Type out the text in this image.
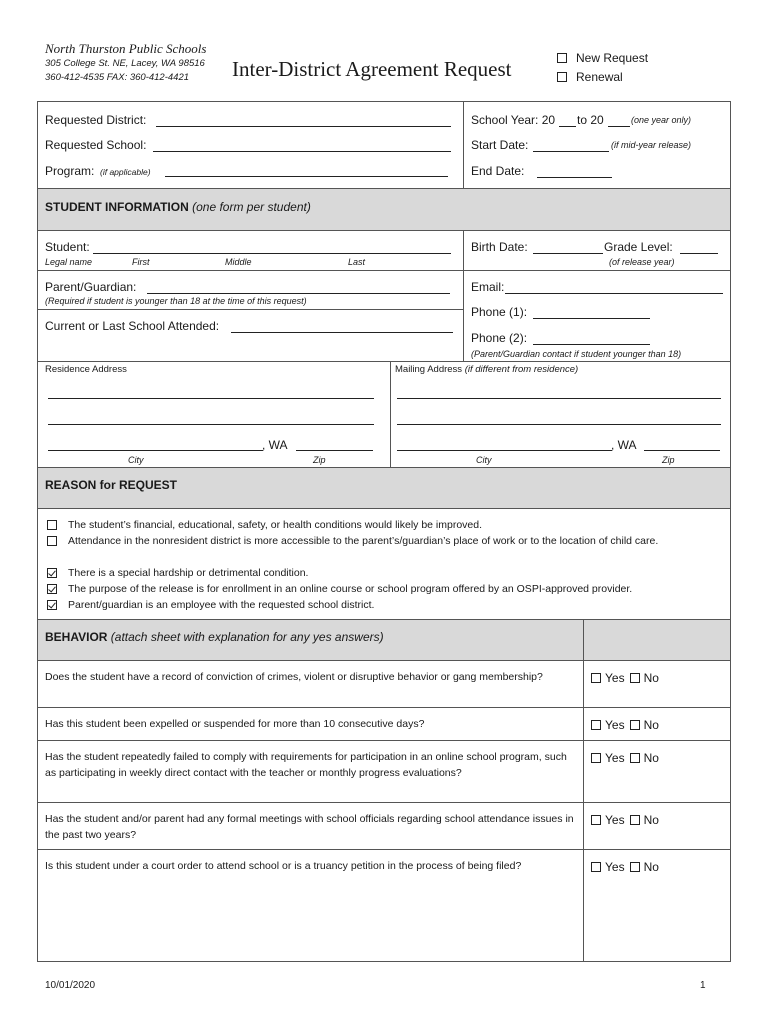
North Thurston Public Schools
305 College St. NE, Lacey, WA 98516
360-412-4535 FAX: 360-412-4421 Inter-District Agreement Request	New Request
Renewal
Requested District:
Requested School:
Program: (if applicable)
School Year: 20 to 20	(one year only)
Start Date:	(if mid-year release)
End Date:
STUDENT INFORMATION (one form per student)
Student:
Legal name	First	Middle	Last
Birth Date:	Grade Level:
(of release year)
Parent/Guardian:
(Required if student is younger than 18 at the time of this request)
Current or Last School Attended:
Email:
Phone (1):
Phone (2):
(Parent/Guardian contact if student younger than 18)
Residence Address
, WA
City	Zip
Mailing Address (if different from residence)
, WA
City	Zip
REASON for REQUEST
The student’s financial, educational, safety, or health conditions would likely be improved.
Attendance in the nonresident district is more accessible to the parent’s/guardian’s place of work or to the location of child care.
There is a special hardship or detrimental condition.
The purpose of the release is for enrollment in an online course or school program offered by an OSPI-approved provider.
Parent/guardian is an employee with the requested school district.
BEHAVIOR (attach sheet with explanation for any yes answers)
Does the student have a record of conviction of crimes, violent or disruptive behavior or gang membership?	Yes No
Has this student been expelled or suspended for more than 10 consecutive days?	Yes No
Has the student repeatedly failed to comply with requirements for participation in an online school program, such as participating in weekly direct contact with the teacher or monthly progress evaluations?
Yes No
Has the student and/or parent had any formal meetings with school officials regarding school attendance issues in the past two years?
Yes No
Is this student under a court order to attend school or is a truancy petition in the process of being filed?	Yes No
10/01/2020	1
